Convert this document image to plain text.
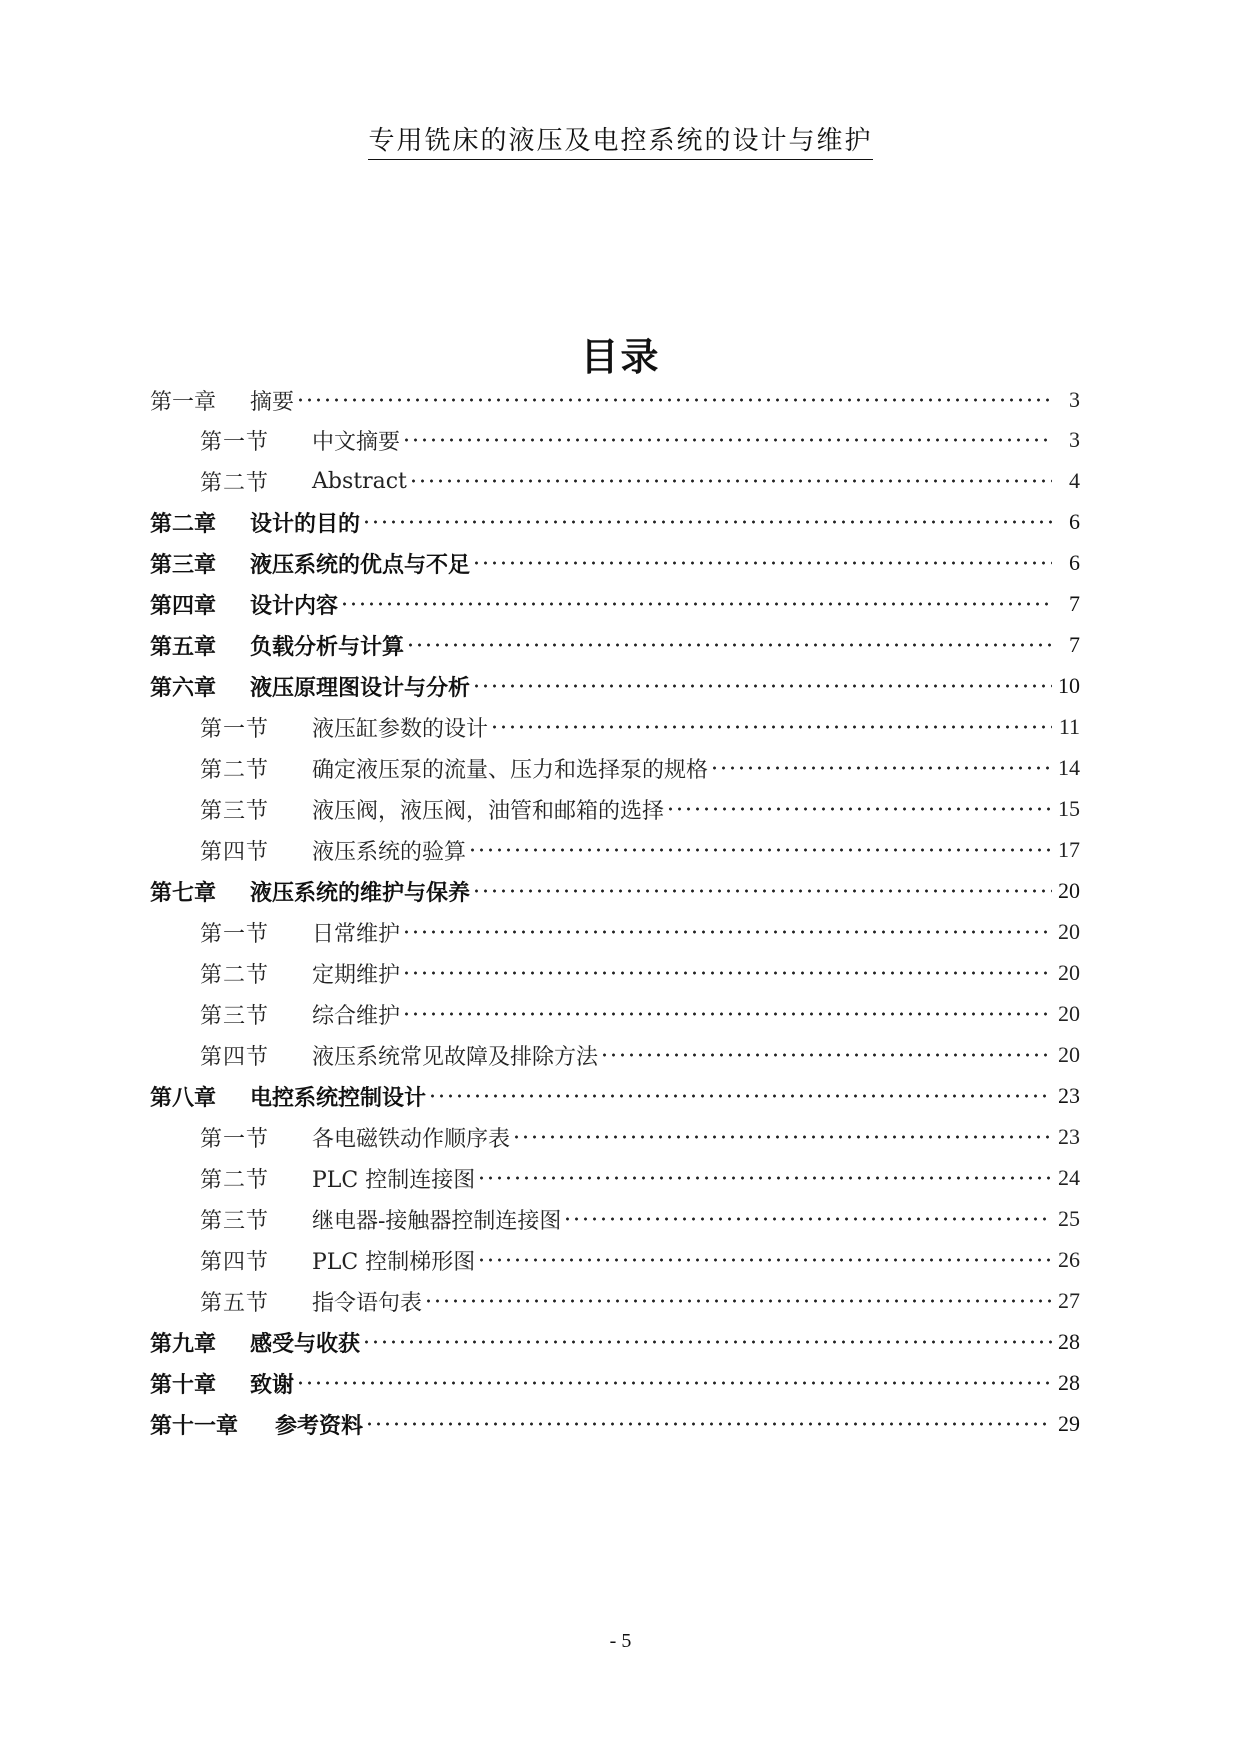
专用铣床的液压及电控系统的设计与维护
目录
第一章	摘要	3
第一节	中文摘要	3
第二节	Abstract	4
第二章	设计的目的	6
第三章	液压系统的优点与不足	6
第四章	设计内容	7
第五章	负载分析与计算	7
第六章	液压原理图设计与分析	10
第一节	液压缸参数的设计	11
第二节	确定液压泵的流量、压力和选择泵的规格	14
第三节	液压阀，液压阀，油管和邮箱的选择	15
第四节	液压系统的验算	17
第七章	液压系统的维护与保养	20
第一节	日常维护	20
第二节	定期维护	20
第三节	综合维护	20
第四节	液压系统常见故障及排除方法	20
第八章	电控系统控制设计	23
第一节	各电磁铁动作顺序表	23
第二节	PLC 控制连接图	24
第三节	继电器-接触器控制连接图	25
第四节	PLC 控制梯形图	26
第五节	指令语句表	27
第九章	感受与收获	28
第十章	致谢	28
第十一章	参考资料	29
- 5
